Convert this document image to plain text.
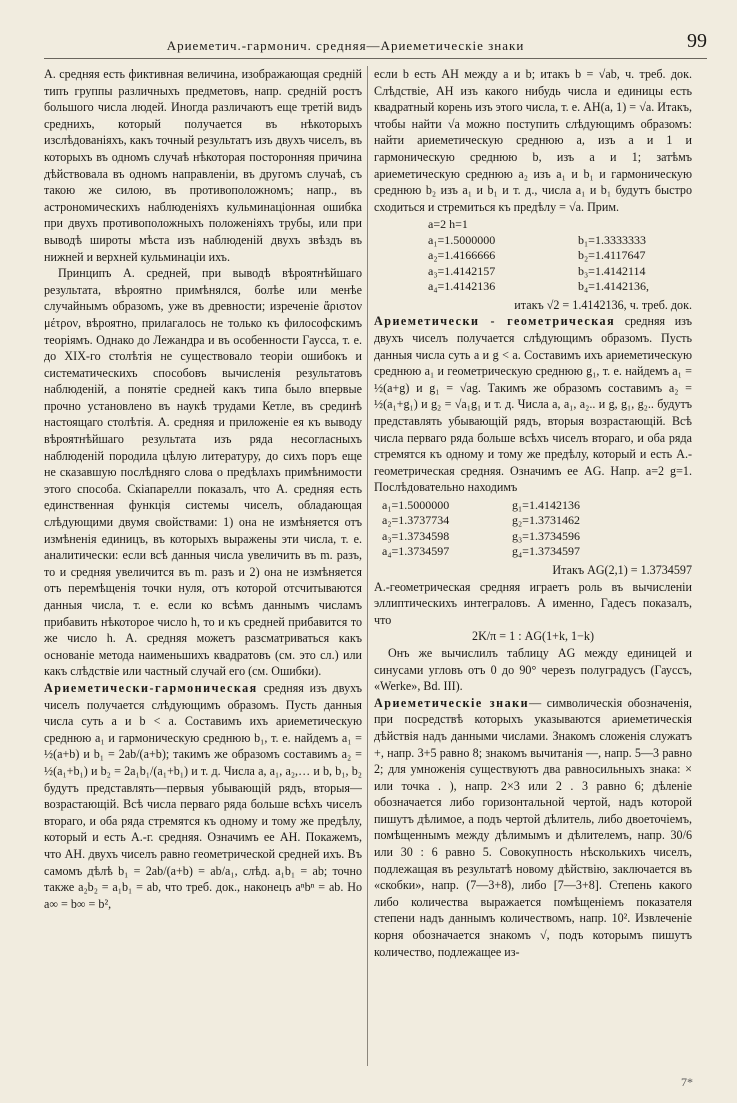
Ариеметич.-гармонич. средняя—Ариеметическіе знаки	99

А. средняя есть фиктивная величина, изображающая средній типъ группы различныхъ предметовъ, напр. средній ростъ большого числа людей. Иногда различаютъ еще третій видъ среднихъ, который получается въ нѣкоторыхъ изслѣдованіяхъ, какъ точный результатъ изъ двухъ чиселъ, въ которыхъ въ одномъ случаѣ нѣкоторая посторонняя причина дѣйствовала въ одномъ направленіи, въ другомъ случаѣ, съ такою же силою, въ противоположномъ; напр., въ астрономическихъ наблюденіяхъ кульминаціонная ошибка при двухъ противоположныхъ положеніяхъ трубы, или при выводѣ широты мѣста изъ наблюденій двухъ звѣздъ въ нижней и верхней кульминаціи ихъ.

Принципъ А. средней, при выводѣ вѣроятнѣйшаго результата, вѣроятно примѣнялся, болѣе или менѣе случайнымъ образомъ, уже въ древности; изреченіе ἄριστον μέτρον, вѣроятно, прилагалось не только къ философскимъ теоріямъ. Однако до Лежандра и въ особенности Гаусса, т. е. до XIX-го столѣтія не существовало теоріи ошибокъ и систематическихъ способовъ вычисленія результатовъ наблюденій, а понятіе средней какъ типа было впервые прочно установлено въ наукѣ трудами Кетле, въ срединѣ настоящаго столѣтія. А. средняя и приложеніе ея къ выводу вѣроятнѣйшаго результата изъ ряда несогласныхъ наблюденій породила цѣлую литературу, до сихъ поръ еще не сказавшую послѣдняго слова о предѣлахъ примѣнимости этого способа. Скіапарелли показалъ, что А. средняя есть единственная функція системы чиселъ, обладающая слѣдующими двумя свойствами: 1) она не измѣняется отъ измѣненія единицъ, въ которыхъ выражены эти числа, т. е. аналитически: если всѣ данныя числа увеличить въ m. разъ, то и средняя увеличится въ m. разъ и 2) она не измѣняется отъ перемѣщенія точки нуля, отъ которой отсчитываются данныя числа, т. е. если ко всѣмъ даннымъ числамъ прибавить нѣкоторое число h, то и къ средней прибавится то же число h. А. средняя можетъ разсматриваться какъ основаніе метода наименьшихъ квадратовъ (см. это сл.) или какъ слѣдствіе или частный случай его (см. Ошибки).

Ариеметически-гармоническая средняя изъ двухъ чиселъ получается слѣдующимъ образомъ. Пусть данныя числа суть a и b < a. Составимъ ихъ ариеметическую среднюю a₁ и гармоническую среднюю b₁, т. е. найдемъ a₁ = ½(a+b) и b₁ = 2ab/(a+b); такимъ же образомъ составимъ a₂ = ½(a₁+b₁) и b₂ = 2a₁b₁/(a₁+b₁) и т. д. Числа a, a₁, a₂,… и b, b₁, b₂ будутъ представлять—первыя убывающій рядъ, вторыя—возрастающій. Всѣ числа перваго ряда больше всѣхъ чиселъ втораго, и оба ряда стремятся къ одному и тому же предѣлу, который и есть А.-г. средняя. Означимъ ее AH. Покажемъ, что AH. двухъ чиселъ равно геометрической средней ихъ. Въ самомъ дѣлѣ b₁ = 2ab/(a+b) = ab/a₁, слѣд. a₁b₁ = ab; точно также a₂b₂ = a₁b₁ = ab, что треб. док., наконецъ aⁿbⁿ = ab. Но a∞ = b∞ = b²,

если b есть AH между a и b; итакъ b = √ab, ч. треб. док. Слѣдствіе, AH изъ какого нибудь числа и единицы есть квадратный корень изъ этого числа, т. е. AH(a, 1) = √a. Итакъ, чтобы найти √a можно поступить слѣдующимъ образомъ: найти ариеметическую среднюю a, изъ a и 1 и гармоническую среднюю b, изъ a и 1; затѣмъ ариеметическую среднюю a₂ изъ a₁ и b₁ и гармоническую среднюю b₂ изъ a₁ и b₁ и т. д., числа a₁ и b₁ будутъ быстро сходиться и стремиться къ предѣлу = √a. Прим.

a=2 h=1
a₁=1.5000000	b₁=1.3333333
a₂=1.4166666	b₂=1.4117647
a₃=1.4142157	b₃=1.4142114
a₄=1.4142136	b₄=1.4142136,
итакъ √2 = 1.4142136, ч. треб. док.

Ариеметически - геометрическая средняя изъ двухъ чиселъ получается слѣдующимъ образомъ. Пусть данныя числа суть a и g < a. Составимъ ихъ ариеметическую среднюю a₁ и геометрическую среднюю g₁, т. е. найдемъ a₁ = ½(a+g) и g₁ = √ag. Такимъ же образомъ составимъ a₂ = ½(a₁+g₁) и g₂ = √a₁g₁ и т. д. Числа a, a₁, a₂.. и g, g₁, g₂.. будутъ представлять убывающій рядъ, вторыя возрастающій. Всѣ числа перваго ряда больше всѣхъ чиселъ втораго, и оба ряда стремятся къ одному и тому же предѣлу, который и есть А.-геометрическая средняя. Означимъ ее AG. Напр. a=2 g=1. Послѣдовательно находимъ

a₁=1.5000000	g₁=1.4142136
a₂=1.3737734	g₂=1.3731462
a₃=1.3734598	g₃=1.3734596
a₄=1.3734597	g₄=1.3734597
Итакъ AG(2,1) = 1.3734597

А.-геометрическая средняя играетъ роль въ вычисленіи эллиптическихъ интеграловъ. А именно, Гадесъ показалъ, что

2K/π = 1 : AG(1+k, 1−k)

Онъ же вычислилъ таблицу AG между единицей и синусами угловъ отъ 0 до 90° черезъ полуградусъ (Гауссъ, «Werke», Bd. III).

Ариеметическіе знаки— символическія обозначенія, при посредствѣ которыхъ указываются ариеметическія дѣйствія надъ данными числами. Знакомъ сложенія служатъ +, напр. 3+5 равно 8; знакомъ вычитанія —, напр. 5—3 равно 2; для умноженія существуютъ два равносильныхъ знака: × или точка . ), напр. 2×3 или 2 . 3 равно 6; дѣленіе обозначается либо горизонтальной чертой, надъ которой пишутъ дѣлимое, а подъ чертой дѣлитель, либо двоеточіемъ, помѣщеннымъ между дѣлимымъ и дѣлителемъ, напр. 30/6 или 30 : 6 равно 5. Совокупность нѣсколькихъ чиселъ, подлежащая въ результатѣ новому дѣйствію, заключается въ «скобки», напр. (7—3+8), либо [7—3+8]. Степень какого либо количества выражается помѣщеніемъ показателя степени надъ даннымъ количествомъ, напр. 10². Извлеченіе корня обозначается знакомъ √, подъ которымъ пишутъ количество, подлежащее из-

7*
